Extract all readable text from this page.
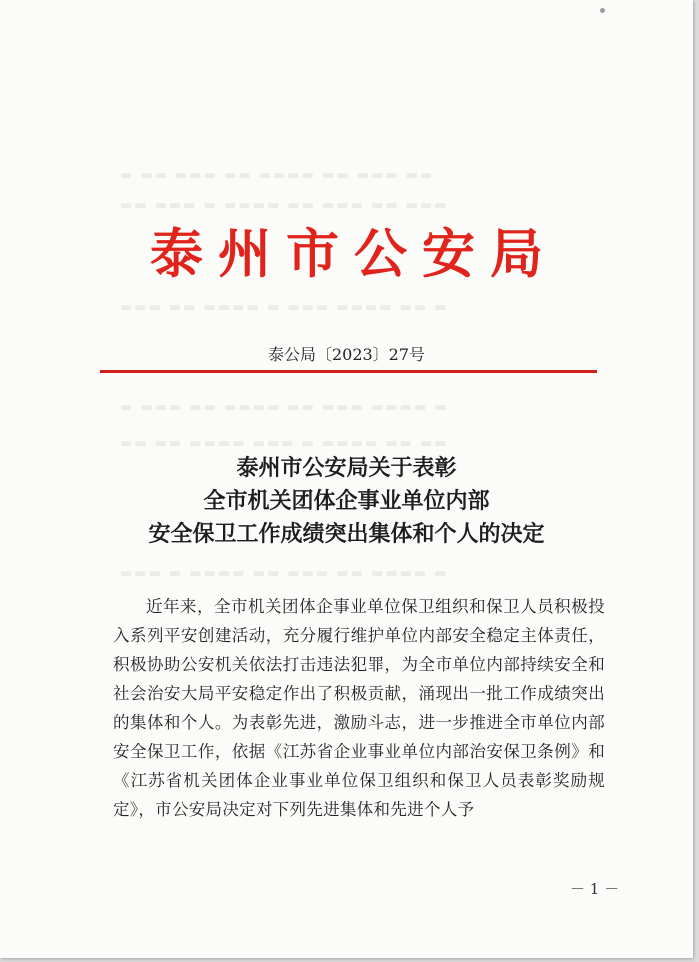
▬ ▬▬ ▬▬▬ ▬▬ ▬▬▬▬ ▬▬ ▬▬▬ ▬▬
▬▬ ▬▬▬ ▬ ▬▬▬▬ ▬▬ ▬▬▬ ▬▬ ▬▬▬
▬▬▬ ▬▬ ▬▬▬▬ ▬ ▬▬▬ ▬▬▬▬ ▬▬ ▬
▬ ▬▬▬ ▬▬ ▬▬▬▬ ▬▬ ▬▬▬ ▬▬▬▬ ▬
▬▬ ▬▬ ▬▬▬▬ ▬▬▬ ▬ ▬▬▬▬ ▬▬ ▬▬
▬▬▬ ▬ ▬▬▬▬ ▬▬ ▬▬▬ ▬▬ ▬▬▬▬ ▬
泰州市公安局
泰公局〔2023〕27号
泰州市公安局关于表彰
全市机关团体企事业单位内部
安全保卫工作成绩突出集体和个人的决定
近年来，全市机关团体企事业单位保卫组织和保卫人员积极投入系列平安创建活动，充分履行维护单位内部安全稳定主体责任，积极协助公安机关依法打击违法犯罪，为全市单位内部持续安全和社会治安大局平安稳定作出了积极贡献，涌现出一批工作成绩突出的集体和个人。为表彰先进，激励斗志，进一步推进全市单位内部安全保卫工作，依据《江苏省企业事业单位内部治安保卫条例》和《江苏省机关团体企业事业单位保卫组织和保卫人员表彰奖励规定》，市公安局决定对下列先进集体和先进个人予
－ 1 －
